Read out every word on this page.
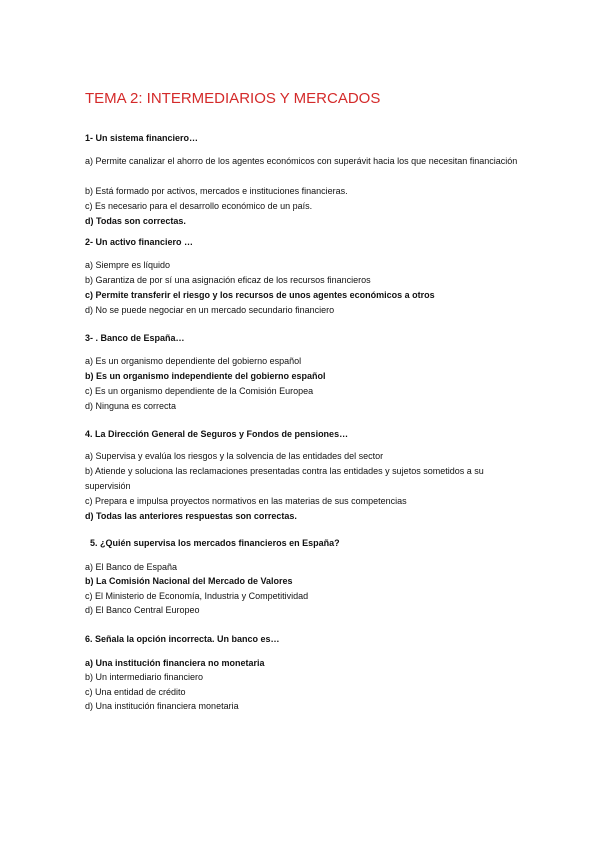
TEMA 2: INTERMEDIARIOS Y MERCADOS
1- Un sistema financiero…
a) Permite canalizar el ahorro de los agentes económicos con superávit hacia los que necesitan financiación
b) Está formado por activos, mercados e instituciones financieras.
c) Es necesario para el desarrollo económico de un país.
d) Todas son correctas.
2- Un activo financiero …
a) Siempre es líquido
b) Garantiza de por sí una asignación eficaz de los recursos financieros
c) Permite transferir el riesgo y los recursos de unos agentes económicos a otros
d) No se puede negociar en un mercado secundario financiero
3- . Banco de España…
a) Es un organismo dependiente del gobierno español
b) Es un organismo independiente del gobierno español
c) Es un organismo dependiente de la Comisión Europea
d) Ninguna es correcta
4. La Dirección General de Seguros y Fondos de pensiones…
a) Supervisa y evalúa los riesgos y la solvencia de las entidades del sector
b) Atiende y soluciona las reclamaciones presentadas contra las entidades y sujetos sometidos a su supervisión
c) Prepara e impulsa proyectos normativos en las materias de sus competencias
d) Todas las anteriores respuestas son correctas.
5. ¿Quién supervisa los mercados financieros en España?
a) El Banco de España
b) La Comisión Nacional del Mercado de Valores
c) El Ministerio de Economía, Industria y Competitividad
d) El Banco Central Europeo
6. Señala la opción incorrecta. Un banco es…
a) Una institución financiera no monetaria
b) Un intermediario financiero
c) Una entidad de crédito
d) Una institución financiera monetaria
